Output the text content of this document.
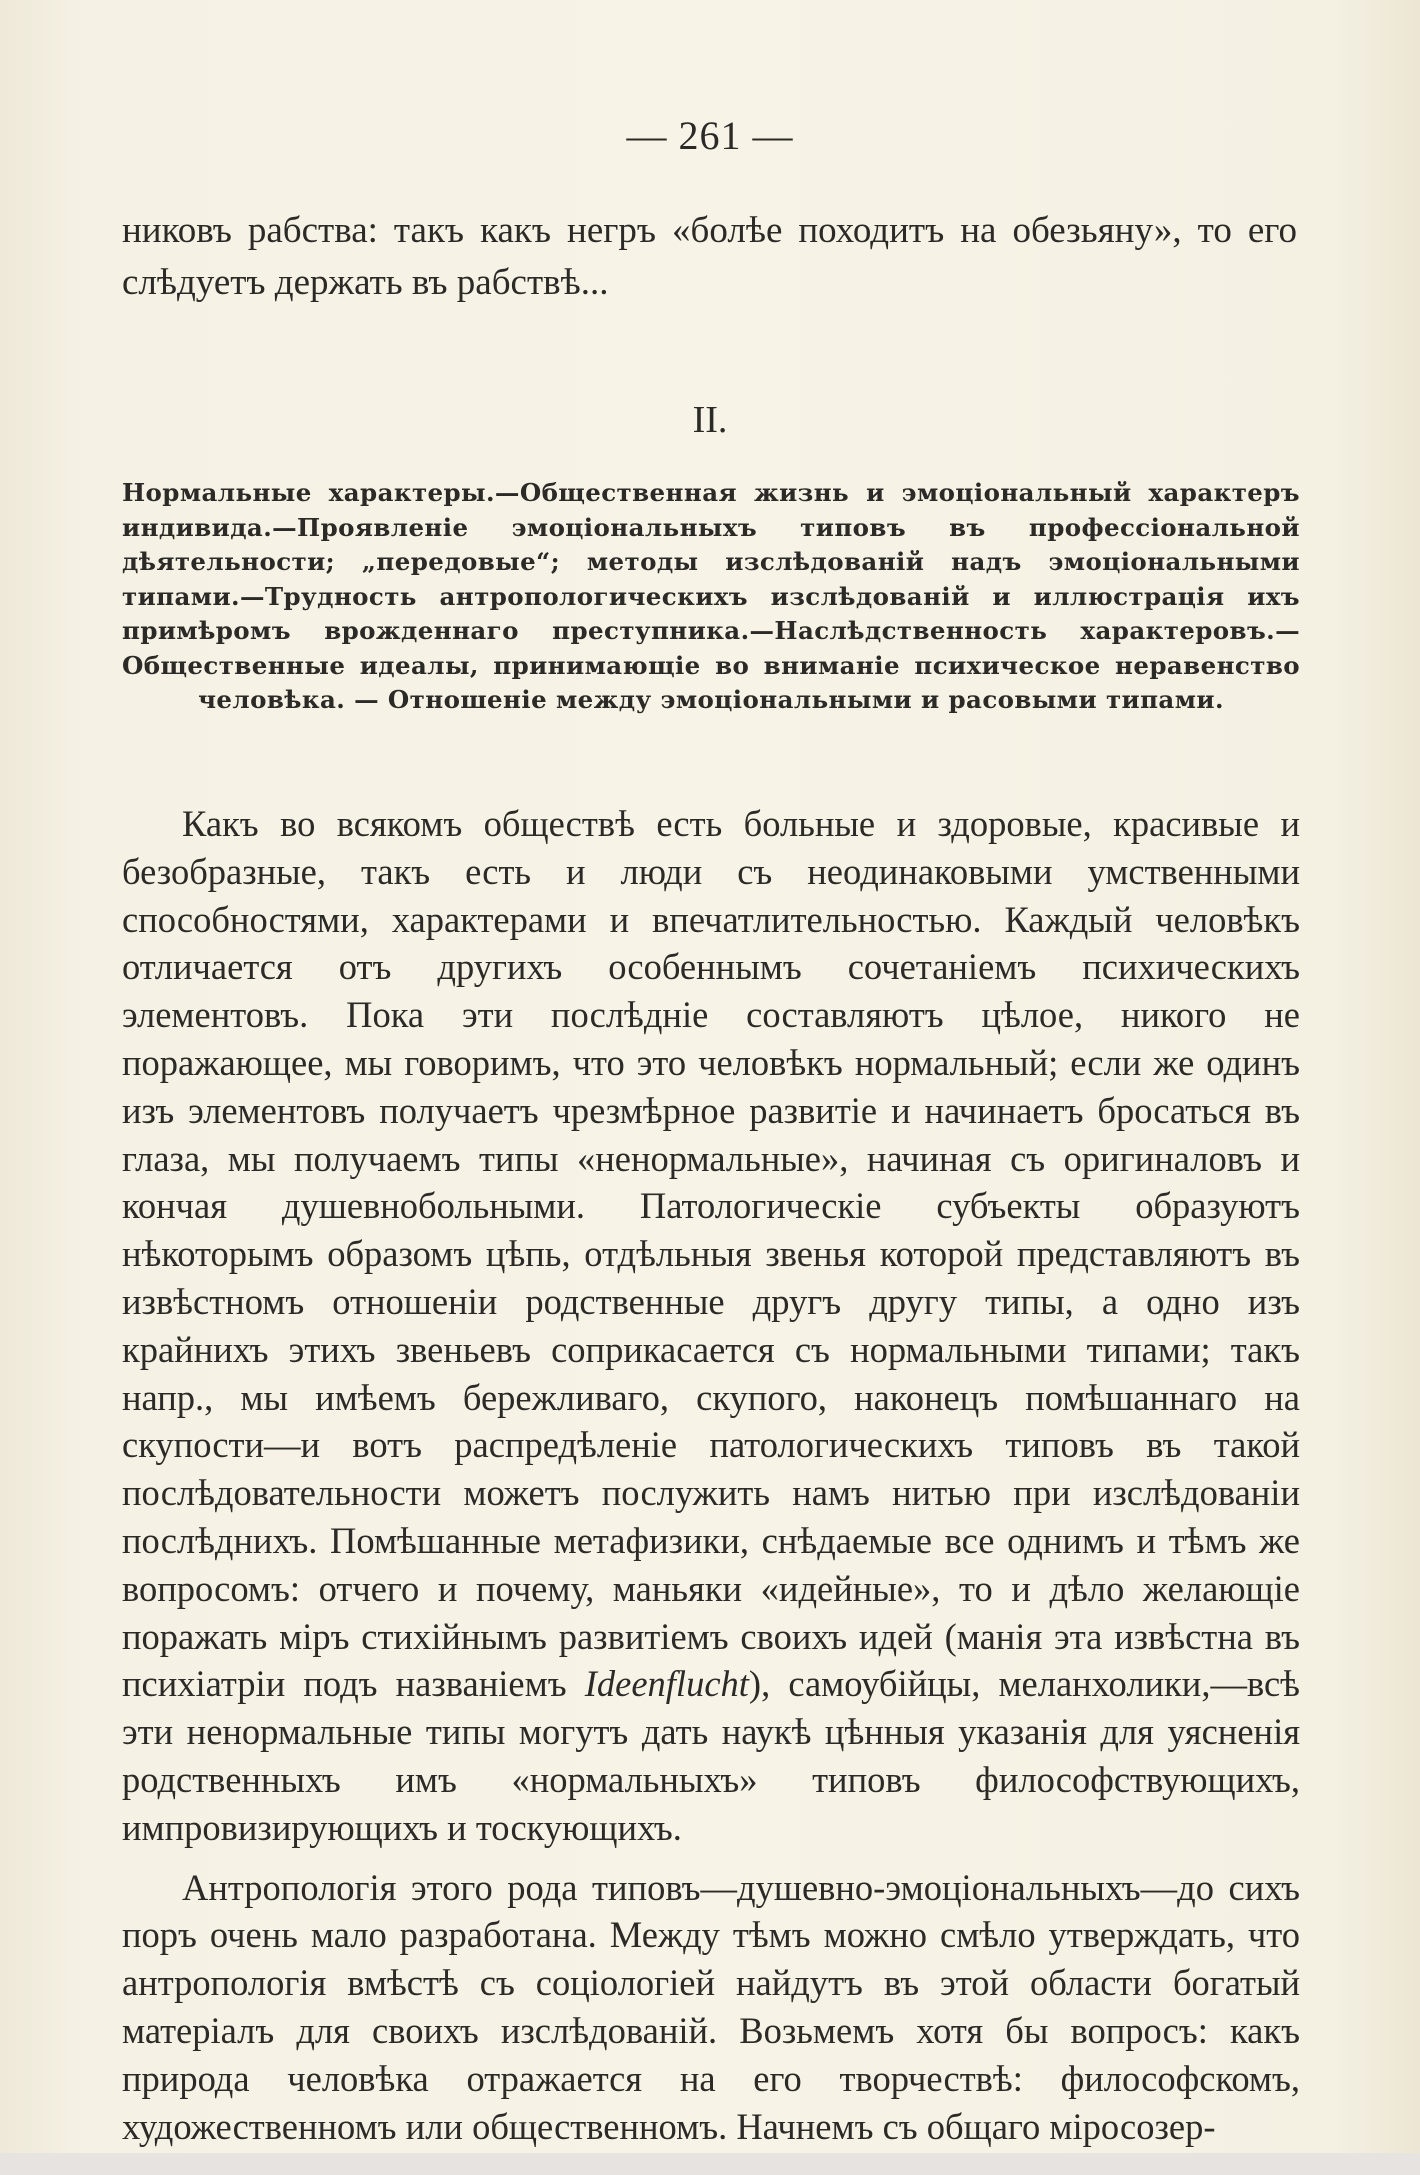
— 261 —

никовъ рабства: такъ какъ негръ «болѣе походитъ на обезьяну», то его слѣдуетъ держать въ рабствѣ...

II.
Нормальные характеры.—Общественная жизнь и эмоціональный характеръ индивида.—Проявленіе эмоціональныхъ типовъ въ профессіональной дѣятельности; „передовые“; методы изслѣдованій надъ эмоціональными типами.—Трудность антропологическихъ изслѣдованій и иллюстрація ихъ примѣромъ врожденнаго преступника.—Наслѣдственность характеровъ.—Общественные идеалы, принимающіе во вниманіе психическое неравенство человѣка. — Отношеніе между эмоціональными и расовыми типами.

Какъ во всякомъ обществѣ есть больные и здоровые, красивые и безобразные, такъ есть и люди съ неодинаковыми умственными способностями, характерами и впечатлительностью. Каждый человѣкъ отличается отъ другихъ особеннымъ сочетаніемъ психическихъ элементовъ. Пока эти послѣдніе составляютъ цѣлое, никого не поражающее, мы говоримъ, что это человѣкъ нормальный; если же одинъ изъ элементовъ получаетъ чрезмѣрное развитіе и начинаетъ бросаться въ глаза, мы получаемъ типы «ненормальные», начиная съ оригиналовъ и кончая душевнобольными. Патологическіе субъекты образуютъ нѣкоторымъ образомъ цѣпь, отдѣльныя звенья которой представляютъ въ извѣстномъ отношеніи родственные другъ другу типы, а одно изъ крайнихъ этихъ звеньевъ соприкасается съ нормальными типами; такъ напр., мы имѣемъ бережливаго, скупого, наконецъ помѣшаннаго на скупости—и вотъ распредѣленіе патологическихъ типовъ въ такой послѣдовательности можетъ послужить намъ нитью при изслѣдованіи послѣднихъ. Помѣшанные метафизики, снѣдаемые все однимъ и тѣмъ же вопросомъ: отчего и почему, маньяки «идейные», то и дѣло желающіе поражать міръ стихійнымъ развитіемъ своихъ идей (манія эта извѣстна въ психіатріи подъ названіемъ Ideenflucht), самоубійцы, меланхолики,—всѣ эти ненормальные типы могутъ дать наукѣ цѣнныя указанія для уясненія родственныхъ имъ «нормальныхъ» типовъ философствующихъ, импровизирующихъ и тоскующихъ.

Антропологія этого рода типовъ—душевно-эмоціональныхъ—до сихъ поръ очень мало разработана. Между тѣмъ можно смѣло утверждать, что антропологія вмѣстѣ съ соціологіей найдутъ въ этой области богатый матеріалъ для своихъ изслѣдованій. Возьмемъ хотя бы вопросъ: какъ природа человѣка отражается на его творчествѣ: философскомъ, художественномъ или общественномъ. Начнемъ съ общаго міросозер-
